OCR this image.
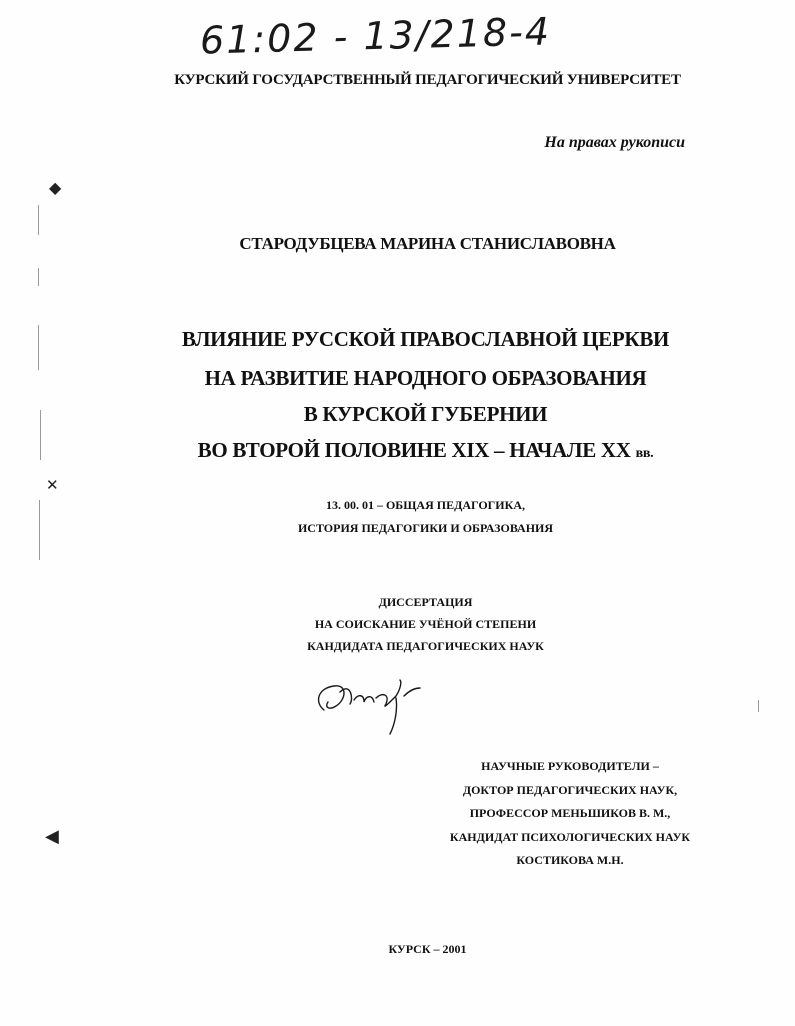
◆
✕
◀
61:02 - 13/218-4
КУРСКИЙ ГОСУДАРСТВЕННЫЙ ПЕДАГОГИЧЕСКИЙ УНИВЕРСИТЕТ
На правах рукописи
СТАРОДУБЦЕВА МАРИНА СТАНИСЛАВОВНА
ВЛИЯНИЕ РУССКОЙ ПРАВОСЛАВНОЙ ЦЕРКВИ
НА РАЗВИТИЕ НАРОДНОГО ОБРАЗОВАНИЯ
В КУРСКОЙ ГУБЕРНИИ
ВО ВТОРОЙ ПОЛОВИНЕ XIX – НАЧАЛЕ XX вв.
13. 00. 01 – ОБЩАЯ ПЕДАГОГИКА,
ИСТОРИЯ ПЕДАГОГИКИ И ОБРАЗОВАНИЯ
ДИССЕРТАЦИЯ
НА СОИСКАНИЕ УЧЁНОЙ СТЕПЕНИ
КАНДИДАТА ПЕДАГОГИЧЕСКИХ НАУК
НАУЧНЫЕ РУКОВОДИТЕЛИ –
ДОКТОР ПЕДАГОГИЧЕСКИХ НАУК,
ПРОФЕССОР МЕНЬШИКОВ В. М.,
КАНДИДАТ ПСИХОЛОГИЧЕСКИХ НАУК
КОСТИКОВА М.Н.
КУРСК – 2001
